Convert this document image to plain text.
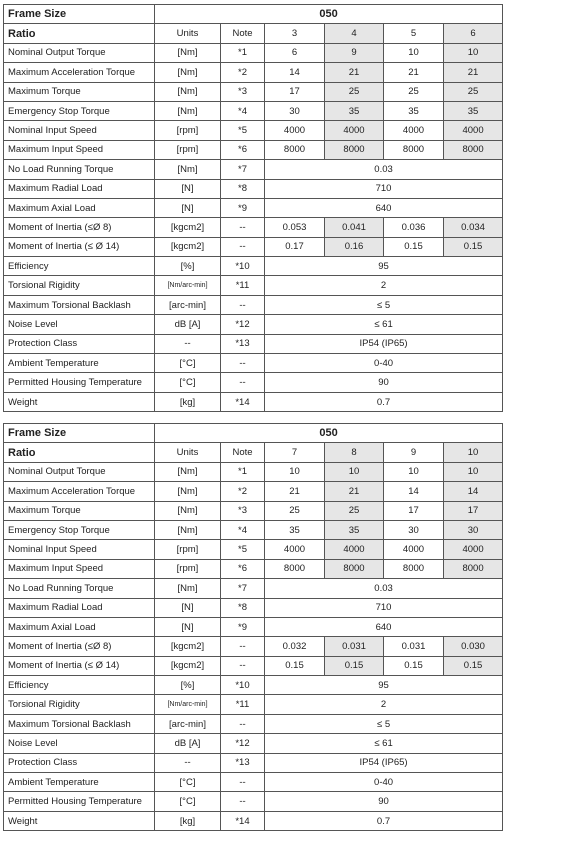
Frame Size	050					
Ratio	Units	Note	3	4	5	6
Nominal Output Torque	[Nm]	*1	6	9	10	10
Maximum Acceleration Torque	[Nm]	*2	14	21	21	21
Maximum Torque	[Nm]	*3	17	25	25	25
Emergency Stop Torque	[Nm]	*4	30	35	35	35
Nominal Input Speed	[rpm]	*5	4000	4000	4000	4000
Maximum Input Speed	[rpm]	*6	8000	8000	8000	8000
No Load Running Torque	[Nm]	*7	0.03			
Maximum Radial Load	[N]	*8	710			
Maximum Axial Load	[N]	*9	640			
Moment of Inertia (≤Ø 8)	[kgcm2]	--	0.053	0.041	0.036	0.034
Moment of Inertia (≤ Ø 14)	[kgcm2]	--	0.17	0.16	0.15	0.15
Efficiency	[%]	*10	95			
Torsional Rigidity	[Nm/arc-min]	*11	2			
Maximum Torsional Backlash	[arc-min]	--	≤ 5			
Noise Level	dB [A]	*12	≤ 61			
Protection Class	--	*13	IP54 (IP65)			
Ambient Temperature	[°C]	--	0-40			
Permitted Housing Temperature	[°C]	--	90			
Weight	[kg]	*14	0.7			
Frame Size	050					
Ratio	Units	Note	7	8	9	10
Nominal Output Torque	[Nm]	*1	10	10	10	10
Maximum Acceleration Torque	[Nm]	*2	21	21	14	14
Maximum Torque	[Nm]	*3	25	25	17	17
Emergency Stop Torque	[Nm]	*4	35	35	30	30
Nominal Input Speed	[rpm]	*5	4000	4000	4000	4000
Maximum Input Speed	[rpm]	*6	8000	8000	8000	8000
No Load Running Torque	[Nm]	*7	0.03			
Maximum Radial Load	[N]	*8	710			
Maximum Axial Load	[N]	*9	640			
Moment of Inertia (≤Ø 8)	[kgcm2]	--	0.032	0.031	0.031	0.030
Moment of Inertia (≤ Ø 14)	[kgcm2]	--	0.15	0.15	0.15	0.15
Efficiency	[%]	*10	95			
Torsional Rigidity	[Nm/arc-min]	*11	2			
Maximum Torsional Backlash	[arc-min]	--	≤ 5			
Noise Level	dB [A]	*12	≤ 61			
Protection Class	--	*13	IP54 (IP65)			
Ambient Temperature	[°C]	--	0-40			
Permitted Housing Temperature	[°C]	--	90			
Weight	[kg]	*14	0.7			
